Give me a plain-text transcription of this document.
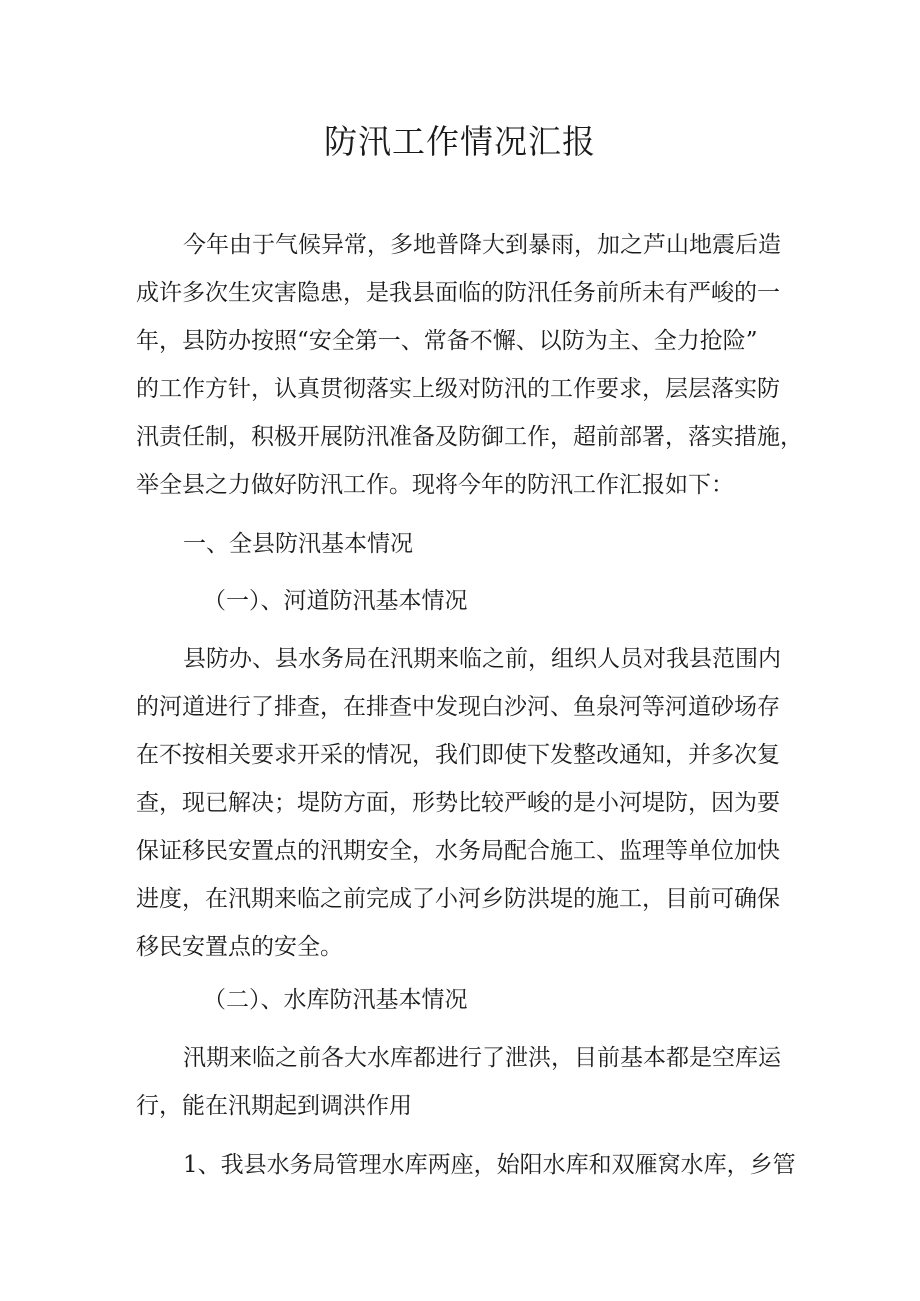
防汛工作情况汇报
今年由于气候异常，多地普降大到暴雨，加之芦山地震后造
成许多次生灾害隐患，是我县面临的防汛任务前所未有严峻的一
年，县防办按照“安全第一、常备不懈、以防为主、全力抢险”
的工作方针，认真贯彻落实上级对防汛的工作要求，层层落实防
汛责任制，积极开展防汛准备及防御工作，超前部署，落实措施，
举全县之力做好防汛工作。现将今年的防汛工作汇报如下：
一、全县防汛基本情况
（一）、河道防汛基本情况
县防办、县水务局在汛期来临之前，组织人员对我县范围内
的河道进行了排查，在排查中发现白沙河、鱼泉河等河道砂场存
在不按相关要求开采的情况，我们即使下发整改通知，并多次复
查，现已解决；堤防方面，形势比较严峻的是小河堤防，因为要
保证移民安置点的汛期安全，水务局配合施工、监理等单位加快
进度，在汛期来临之前完成了小河乡防洪堤的施工，目前可确保
移民安置点的安全。
（二）、水库防汛基本情况
汛期来临之前各大水库都进行了泄洪，目前基本都是空库运
行，能在汛期起到调洪作用
1、我县水务局管理水库两座，始阳水库和双雁窝水库，乡管
